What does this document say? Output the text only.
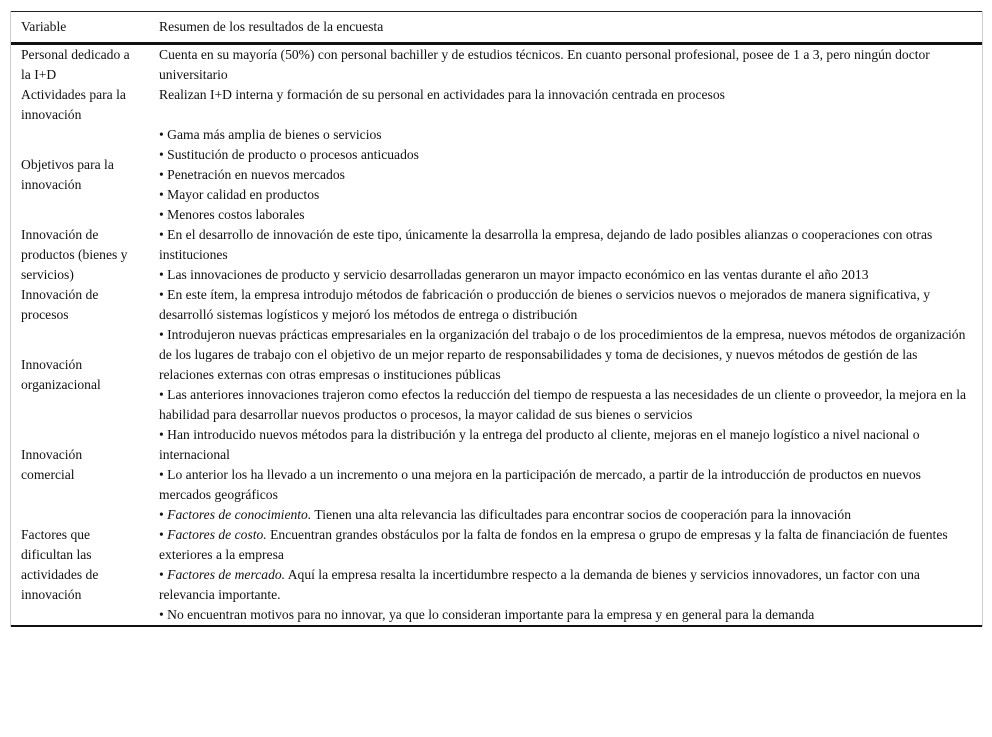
Variable	Resumen de los resultados de la encuesta
Personal dedicado a la I+D	Cuenta en su mayoría (50%) con personal bachiller y de estudios técnicos. En cuanto personal profesional, posee de 1 a 3, pero ningún doctor universitario

Actividades para la innovación	Realizan I+D interna y formación de su personal en actividades para la innovación centrada en procesos

Objetivos para la innovación	• Gama más amplia de bienes o servicios
• Sustitución de producto o procesos anticuados
• Penetración en nuevos mercados
• Mayor calidad en productos
• Menores costos laborales

Innovación de productos (bienes y servicios)	• En el desarrollo de innovación de este tipo, únicamente la desarrolla la empresa, dejando de lado posibles alianzas o cooperaciones con otras instituciones
• Las innovaciones de producto y servicio desarrolladas generaron un mayor impacto económico en las ventas durante el año 2013

Innovación de procesos	• En este ítem, la empresa introdujo métodos de fabricación o producción de bienes o servicios nuevos o mejorados de manera significativa, y desarrolló sistemas logísticos y mejoró los métodos de entrega o distribución

Innovación organizacional	• Introdujeron nuevas prácticas empresariales en la organización del trabajo o de los procedimientos de la empresa, nuevos métodos de organización de los lugares de trabajo con el objetivo de un mejor reparto de responsabilidades y toma de decisiones, y nuevos métodos de gestión de las relaciones externas con otras empresas o instituciones públicas
• Las anteriores innovaciones trajeron como efectos la reducción del tiempo de respuesta a las necesidades de un cliente o proveedor, la mejora en la habilidad para desarrollar nuevos productos o procesos, la mayor calidad de sus bienes o servicios

Innovación comercial	• Han introducido nuevos métodos para la distribución y la entrega del producto al cliente, mejoras en el manejo logístico a nivel nacional o internacional
• Lo anterior los ha llevado a un incremento o una mejora en la participación de mercado, a partir de la introducción de productos en nuevos mercados geográficos

Factores que dificultan las actividades de innovación	• Factores de conocimiento. Tienen una alta relevancia las dificultades para encontrar socios de cooperación para la innovación
• Factores de costo. Encuentran grandes obstáculos por la falta de fondos en la empresa o grupo de empresas y la falta de financiación de fuentes exteriores a la empresa
• Factores de mercado. Aquí la empresa resalta la incertidumbre respecto a la demanda de bienes y servicios innovadores, un factor con una relevancia importante.
• No encuentran motivos para no innovar, ya que lo consideran importante para la empresa y en general para la demanda
